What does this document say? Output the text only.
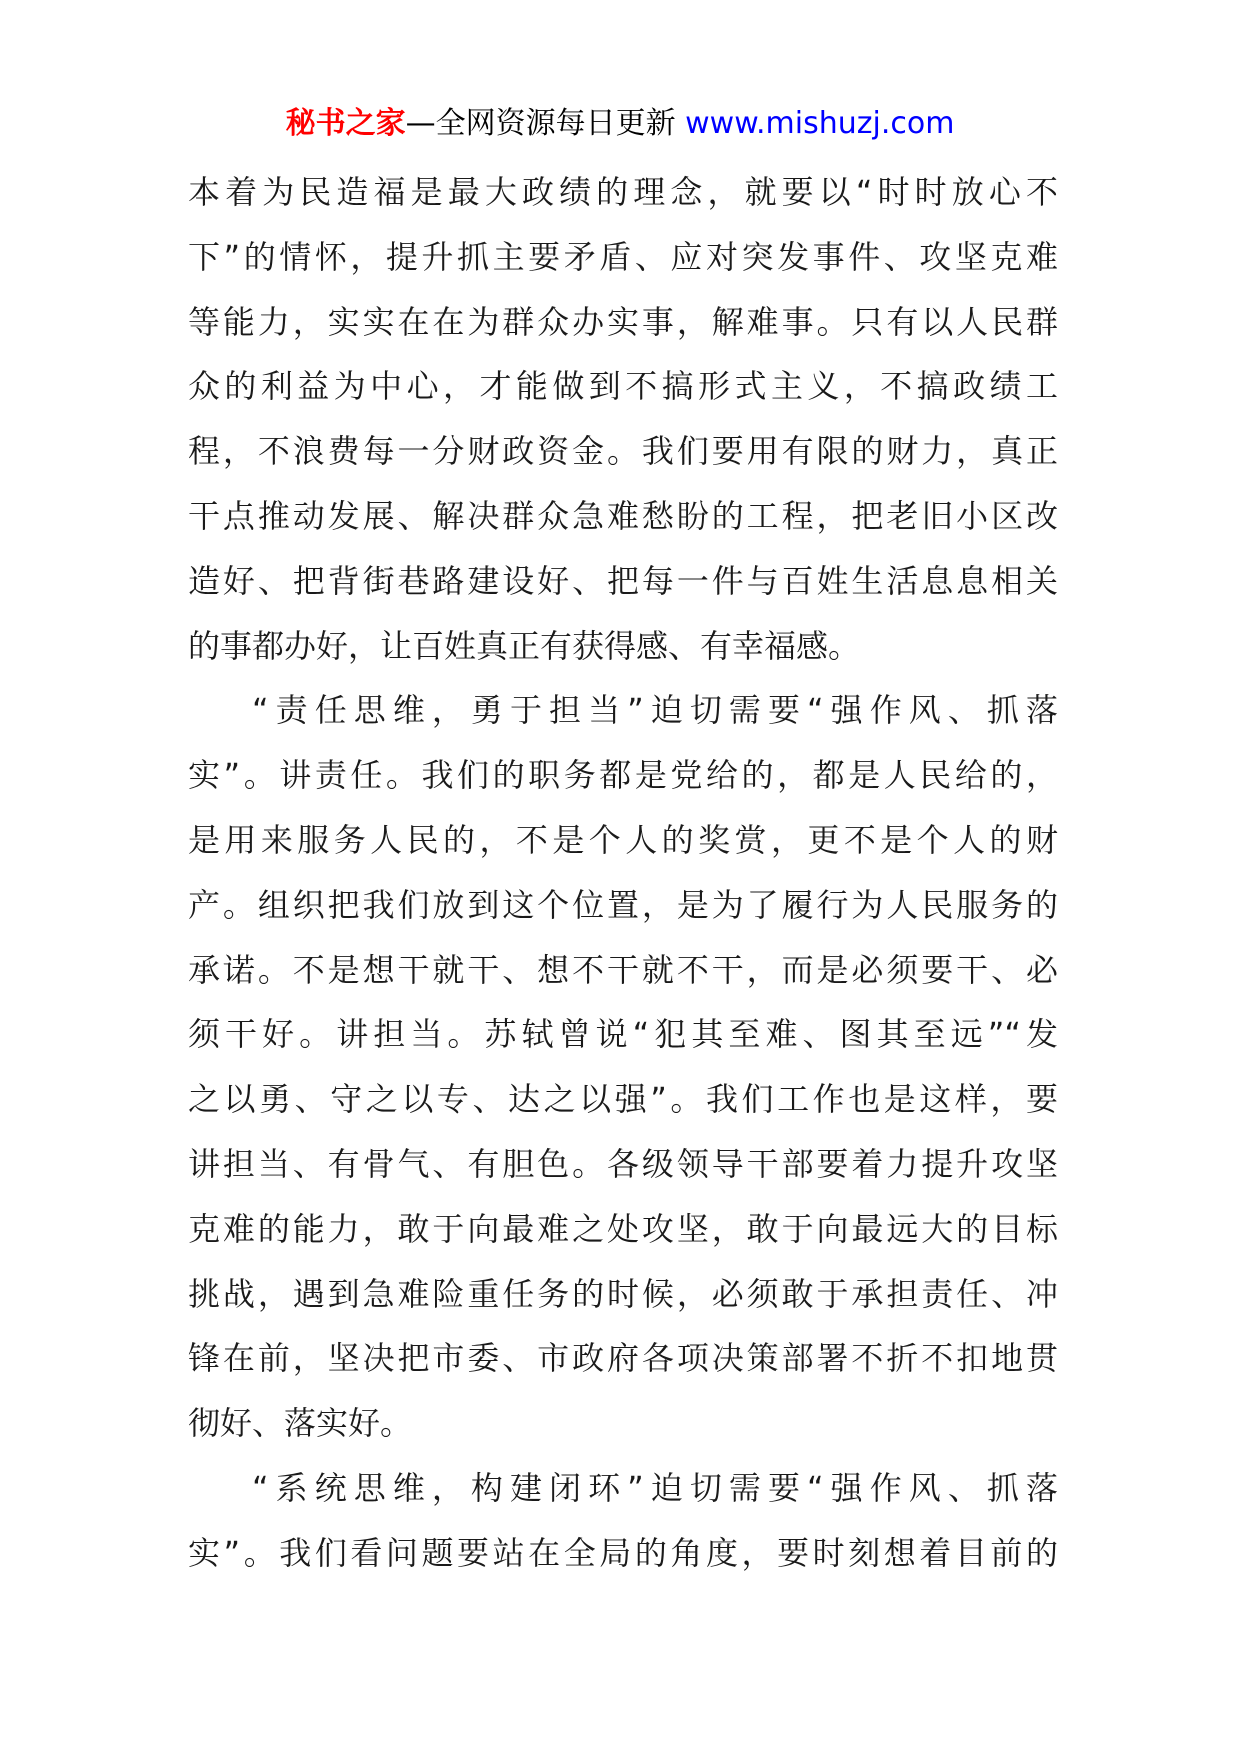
秘书之家—全网资源每日更新 www.mishuzj.com
本着为民造福是最大政绩的理念，就要以“时时放心不
下”的情怀，提升抓主要矛盾、应对突发事件、攻坚克难
等能力，实实在在为群众办实事，解难事。只有以人民群
众的利益为中心，才能做到不搞形式主义，不搞政绩工
程，不浪费每一分财政资金。我们要用有限的财力，真正
干点推动发展、解决群众急难愁盼的工程，把老旧小区改
造好、把背街巷路建设好、把每一件与百姓生活息息相关
的事都办好，让百姓真正有获得感、有幸福感。
“责任思维，勇于担当”迫切需要“强作风、抓落
实”。讲责任。我们的职务都是党给的，都是人民给的，
是用来服务人民的，不是个人的奖赏，更不是个人的财
产。组织把我们放到这个位置，是为了履行为人民服务的
承诺。不是想干就干、想不干就不干，而是必须要干、必
须干好。讲担当。苏轼曾说“犯其至难、图其至远”“发
之以勇、守之以专、达之以强”。我们工作也是这样，要
讲担当、有骨气、有胆色。各级领导干部要着力提升攻坚
克难的能力，敢于向最难之处攻坚，敢于向最远大的目标
挑战，遇到急难险重任务的时候，必须敢于承担责任、冲
锋在前，坚决把市委、市政府各项决策部署不折不扣地贯
彻好、落实好。
“系统思维，构建闭环”迫切需要“强作风、抓落
实”。我们看问题要站在全局的角度，要时刻想着目前的
